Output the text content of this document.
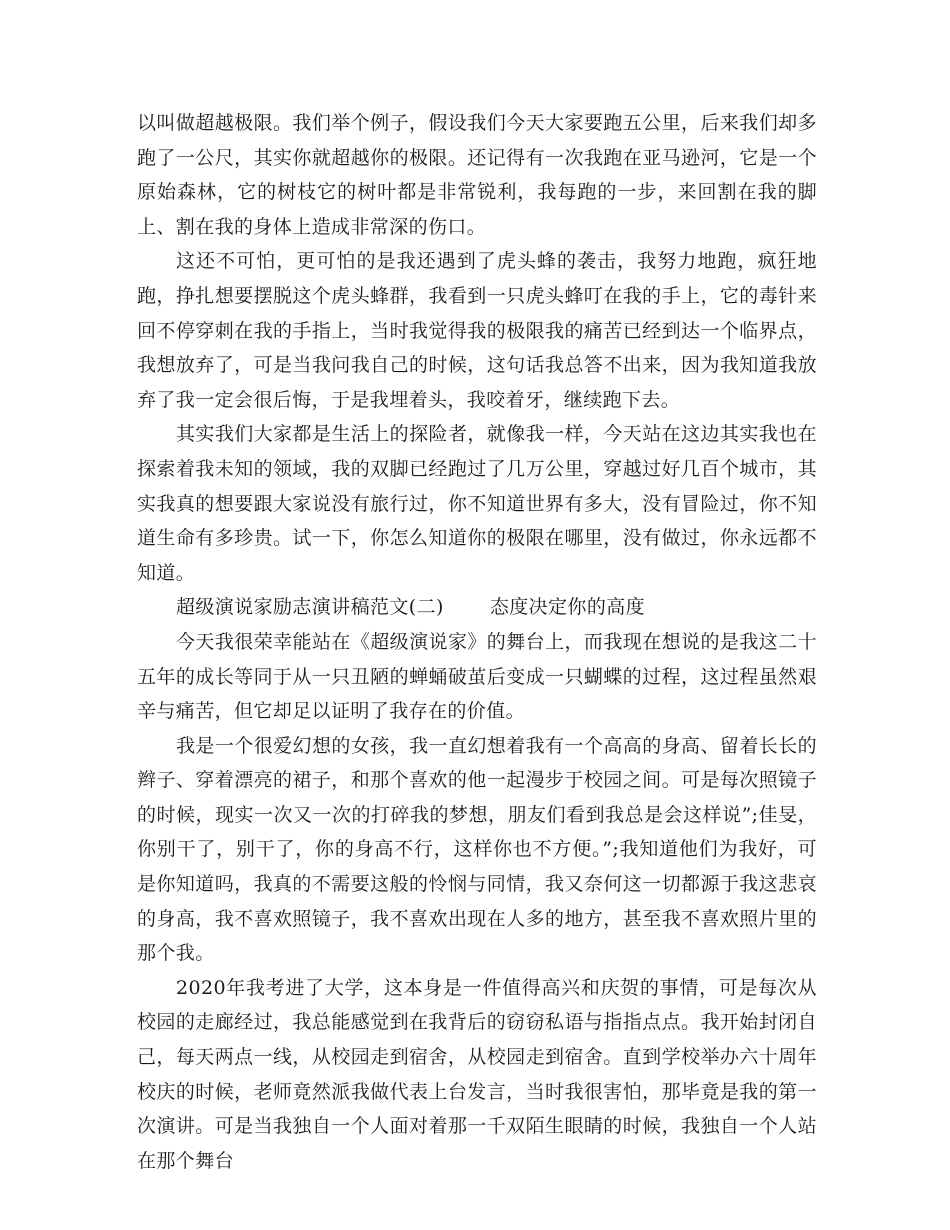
以叫做超越极限。我们举个例子，假设我们今天大家要跑五公里，后来我们却多跑了一公尺，其实你就超越你的极限。还记得有一次我跑在亚马逊河，它是一个原始森林，它的树枝它的树叶都是非常锐利，我每跑的一步，来回割在我的脚上、割在我的身体上造成非常深的伤口。

这还不可怕，更可怕的是我还遇到了虎头蜂的袭击，我努力地跑，疯狂地跑，挣扎想要摆脱这个虎头蜂群，我看到一只虎头蜂叮在我的手上，它的毒针来回不停穿刺在我的手指上，当时我觉得我的极限我的痛苦已经到达一个临界点，我想放弃了，可是当我问我自己的时候，这句话我总答不出来，因为我知道我放弃了我一定会很后悔，于是我埋着头，我咬着牙，继续跑下去。

其实我们大家都是生活上的探险者，就像我一样，今天站在这边其实我也在探索着我未知的领域，我的双脚已经跑过了几万公里，穿越过好几百个城市，其实我真的想要跟大家说没有旅行过，你不知道世界有多大，没有冒险过，你不知道生命有多珍贵。试一下，你怎么知道你的极限在哪里，没有做过，你永远都不知道。

超级演说家励志演讲稿范文(二) 态度决定你的高度

今天我很荣幸能站在《超级演说家》的舞台上，而我现在想说的是我这二十五年的成长等同于从一只丑陋的蝉蛹破茧后变成一只蝴蝶的过程，这过程虽然艰辛与痛苦，但它却足以证明了我存在的价值。

我是一个很爱幻想的女孩，我一直幻想着我有一个高高的身高、留着长长的辫子、穿着漂亮的裙子，和那个喜欢的他一起漫步于校园之间。可是每次照镜子的时候，现实一次又一次的打碎我的梦想，朋友们看到我总是会这样说”;佳旻，你别干了，别干了，你的身高不行，这样你也不方便。”;我知道他们为我好，可是你知道吗，我真的不需要这般的怜悯与同情，我又奈何这一切都源于我这悲哀的身高，我不喜欢照镜子，我不喜欢出现在人多的地方，甚至我不喜欢照片里的那个我。

2020年我考进了大学，这本身是一件值得高兴和庆贺的事情，可是每次从校园的走廊经过，我总能感觉到在我背后的窃窃私语与指指点点。我开始封闭自己，每天两点一线，从校园走到宿舍，从校园走到宿舍。直到学校举办六十周年校庆的时候，老师竟然派我做代表上台发言，当时我很害怕，那毕竟是我的第一次演讲。可是当我独自一个人面对着那一千双陌生眼睛的时候，我独自一个人站在那个舞台
